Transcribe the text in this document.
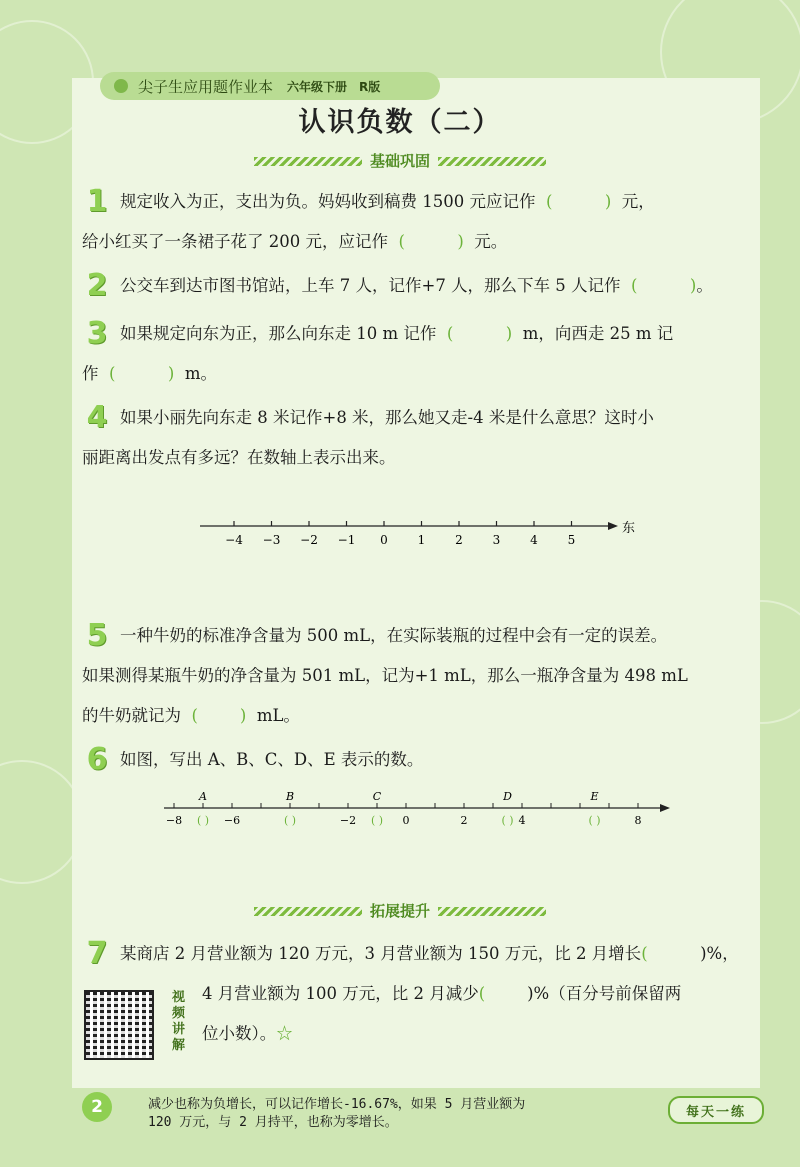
尖子生应用题作业本 六年级下册 R版
认识负数（二）
基础巩固
1 规定收入为正，支出为负。妈妈收到稿费 1500 元应记作  (          )  元，
给小红买了一条裙子花了 200 元，应记作  (          )  元。
2 公交车到达市图书馆站，上车 7 人，记作+7 人，那么下车 5 人记作  (          )。
3 如果规定向东为正，那么向东走 10 m 记作  (          )  m，向西走 25 m 记
作  (          )  m。
4 如果小丽先向东走 8 米记作+8 米，那么她又走-4 米是什么意思？这时小
丽距离出发点有多远？在数轴上表示出来。
东
−4 −3 −2 −1 0 1 2 3 4 5
5 一种牛奶的标准净含量为 500 mL，在实际装瓶的过程中会有一定的误差。
如果测得某瓶牛奶的净含量为 501 mL，记为+1 mL，那么一瓶净含量为 498 mL
的牛奶就记为  (        )  mL。
6 如图，写出 A、B、C、D、E 表示的数。
−8	−6	−2	0	2	4	8
A
( )
B
( )
C
( )
D
( )
E
( )
拓展提升
7 某商店 2 月营业额为 120 万元，3 月营业额为 150 万元，比 2 月增长(          )%，
4 月营业额为 100 万元，比 2 月减少(        )%（百分号前保留两
位小数）。☆
视频讲解
2	减少也称为负增长，可以记作增长-16.67%，如果 5 月营业额为
120 万元，与 2 月持平，也称为零增长。
每天一练
